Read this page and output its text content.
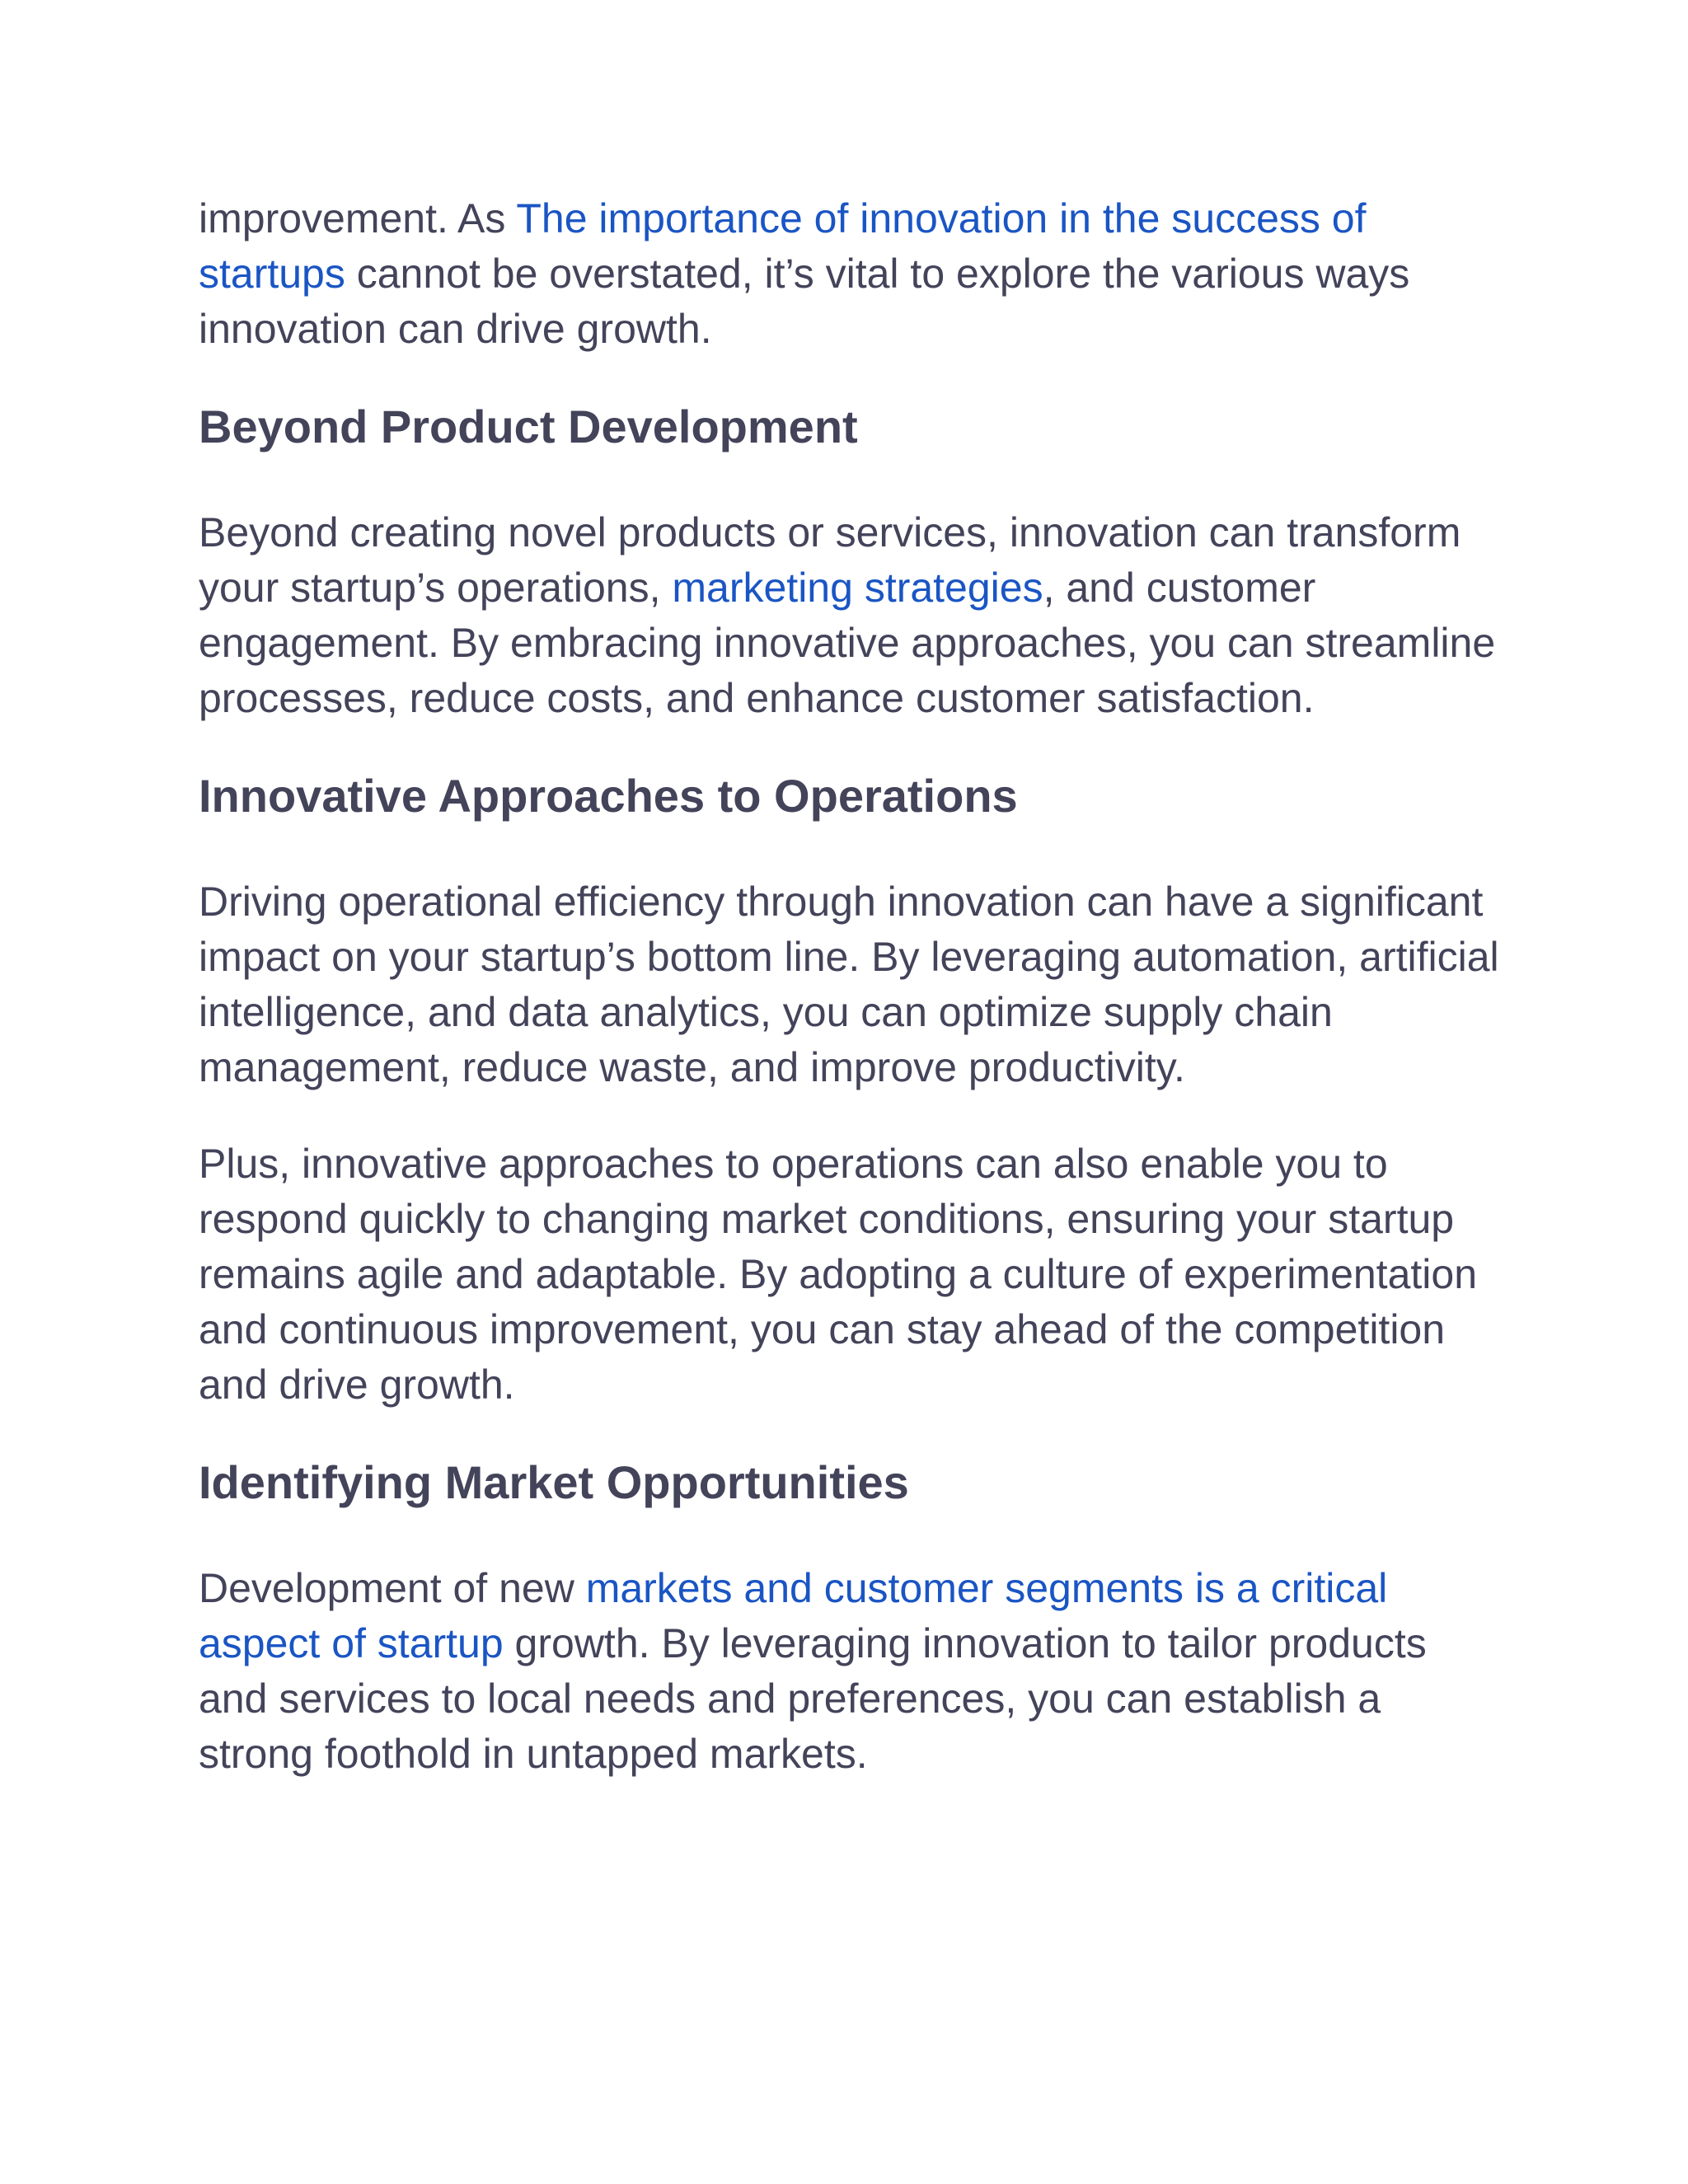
improvement. As The importance of innovation in the success of startups cannot be overstated, it’s vital to explore the various ways innovation can drive growth.

Beyond Product Development

Beyond creating novel products or services, innovation can transform your startup’s operations, marketing strategies, and customer engagement. By embracing innovative approaches, you can streamline processes, reduce costs, and enhance customer satisfaction.

Innovative Approaches to Operations

Driving operational efficiency through innovation can have a significant impact on your startup’s bottom line. By leveraging automation, artificial intelligence, and data analytics, you can optimize supply chain management, reduce waste, and improve productivity.

Plus, innovative approaches to operations can also enable you to respond quickly to changing market conditions, ensuring your startup remains agile and adaptable. By adopting a culture of experimentation and continuous improvement, you can stay ahead of the competition and drive growth.

Identifying Market Opportunities

Development of new markets and customer segments is a critical aspect of startup growth. By leveraging innovation to tailor products and services to local needs and preferences, you can establish a strong foothold in untapped markets.
